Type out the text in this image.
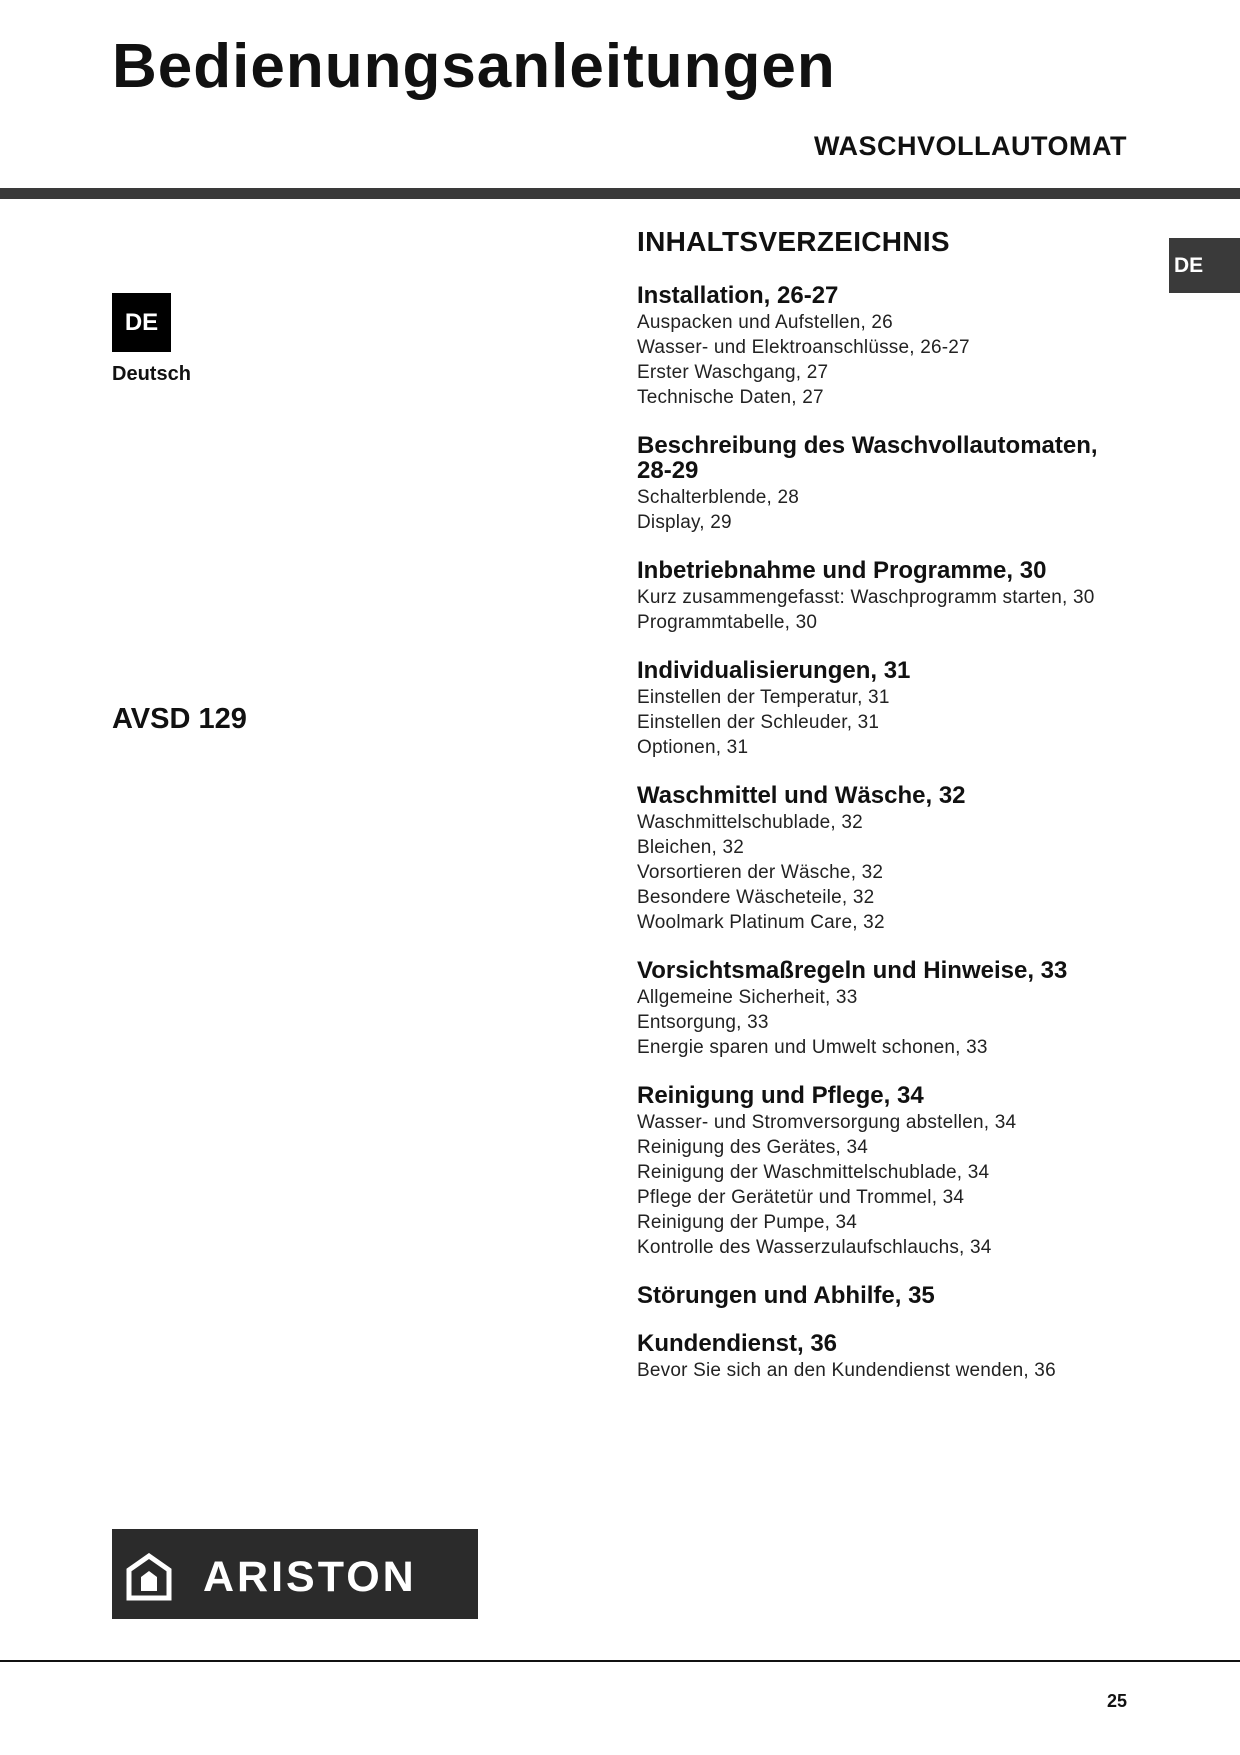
Bedienungsanleitungen
WASCHVOLLAUTOMAT
DE
DE
Deutsch
AVSD 129
INHALTSVERZEICHNIS
Installation, 26-27
Auspacken und Aufstellen, 26
Wasser- und Elektroanschlüsse, 26-27
Erster Waschgang, 27
Technische Daten, 27
Beschreibung des Waschvollautomaten, 28-29
Schalterblende, 28
Display, 29
Inbetriebnahme und Programme, 30
Kurz zusammengefasst: Waschprogramm starten, 30
Programmtabelle, 30
Individualisierungen, 31
Einstellen der Temperatur, 31
Einstellen der Schleuder, 31
Optionen, 31
Waschmittel und Wäsche, 32
Waschmittelschublade, 32
Bleichen, 32
Vorsortieren der Wäsche, 32
Besondere Wäscheteile, 32
Woolmark Platinum Care, 32
Vorsichtsmaßregeln und Hinweise, 33
Allgemeine Sicherheit, 33
Entsorgung, 33
Energie sparen und Umwelt schonen, 33
Reinigung und Pflege, 34
Wasser- und Stromversorgung abstellen, 34
Reinigung des Gerätes, 34
Reinigung der Waschmittelschublade, 34
Pflege der Gerätetür und Trommel, 34
Reinigung der Pumpe, 34
Kontrolle des Wasserzulaufschlauchs, 34
Störungen und Abhilfe, 35
Kundendienst, 36
Bevor Sie sich an den Kundendienst wenden, 36
ARISTON
25
